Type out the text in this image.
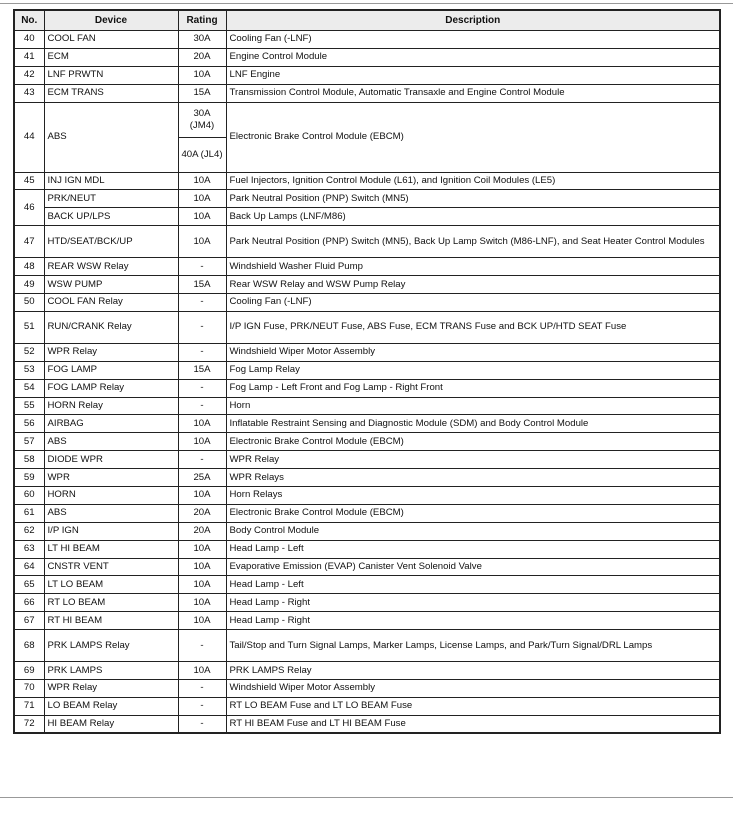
No.	Device	Rating	Description
40	COOL FAN	30A	Cooling Fan (-LNF)
41	ECM	20A	Engine Control Module
42	LNF PRWTN	10A	LNF Engine
43	ECM TRANS	15A	Transmission Control Module, Automatic Transaxle and Engine Control Module
44	ABS	30A (JM4)	Electronic Brake Control Module (EBCM)
		40A (JL4)	
45	INJ IGN MDL	10A	Fuel Injectors, Ignition Control Module (L61), and Ignition Coil Modules (LE5)
46	PRK/NEUT	10A	Park Neutral Position (PNP) Switch (MN5)
	BACK UP/LPS	10A	Back Up Lamps (LNF/M86)
47	HTD/SEAT/BCK/UP	10A	Park Neutral Position (PNP) Switch (MN5), Back Up Lamp Switch (M86-LNF), and Seat Heater Control Modules
48	REAR WSW Relay	-	Windshield Washer Fluid Pump
49	WSW PUMP	15A	Rear WSW Relay and WSW Pump Relay
50	COOL FAN Relay	-	Cooling Fan (-LNF)
51	RUN/CRANK Relay	-	I/P IGN Fuse, PRK/NEUT Fuse, ABS Fuse, ECM TRANS Fuse and BCK UP/HTD SEAT Fuse
52	WPR Relay	-	Windshield Wiper Motor Assembly
53	FOG LAMP	15A	Fog Lamp Relay
54	FOG LAMP Relay	-	Fog Lamp - Left Front and Fog Lamp - Right Front
55	HORN Relay	-	Horn
56	AIRBAG	10A	Inflatable Restraint Sensing and Diagnostic Module (SDM) and Body Control Module
57	ABS	10A	Electronic Brake Control Module (EBCM)
58	DIODE WPR	-	WPR Relay
59	WPR	25A	WPR Relays
60	HORN	10A	Horn Relays
61	ABS	20A	Electronic Brake Control Module (EBCM)
62	I/P IGN	20A	Body Control Module
63	LT HI BEAM	10A	Head Lamp - Left
64	CNSTR VENT	10A	Evaporative Emission (EVAP) Canister Vent Solenoid Valve
65	LT LO BEAM	10A	Head Lamp - Left
66	RT LO BEAM	10A	Head Lamp - Right
67	RT HI BEAM	10A	Head Lamp - Right
68	PRK LAMPS Relay	-	Tail/Stop and Turn Signal Lamps, Marker Lamps, License Lamps, and Park/Turn Signal/DRL Lamps
69	PRK LAMPS	10A	PRK LAMPS Relay
70	WPR Relay	-	Windshield Wiper Motor Assembly
71	LO BEAM Relay	-	RT LO BEAM Fuse and LT LO BEAM Fuse
72	HI BEAM Relay	-	RT HI BEAM Fuse and LT HI BEAM Fuse
